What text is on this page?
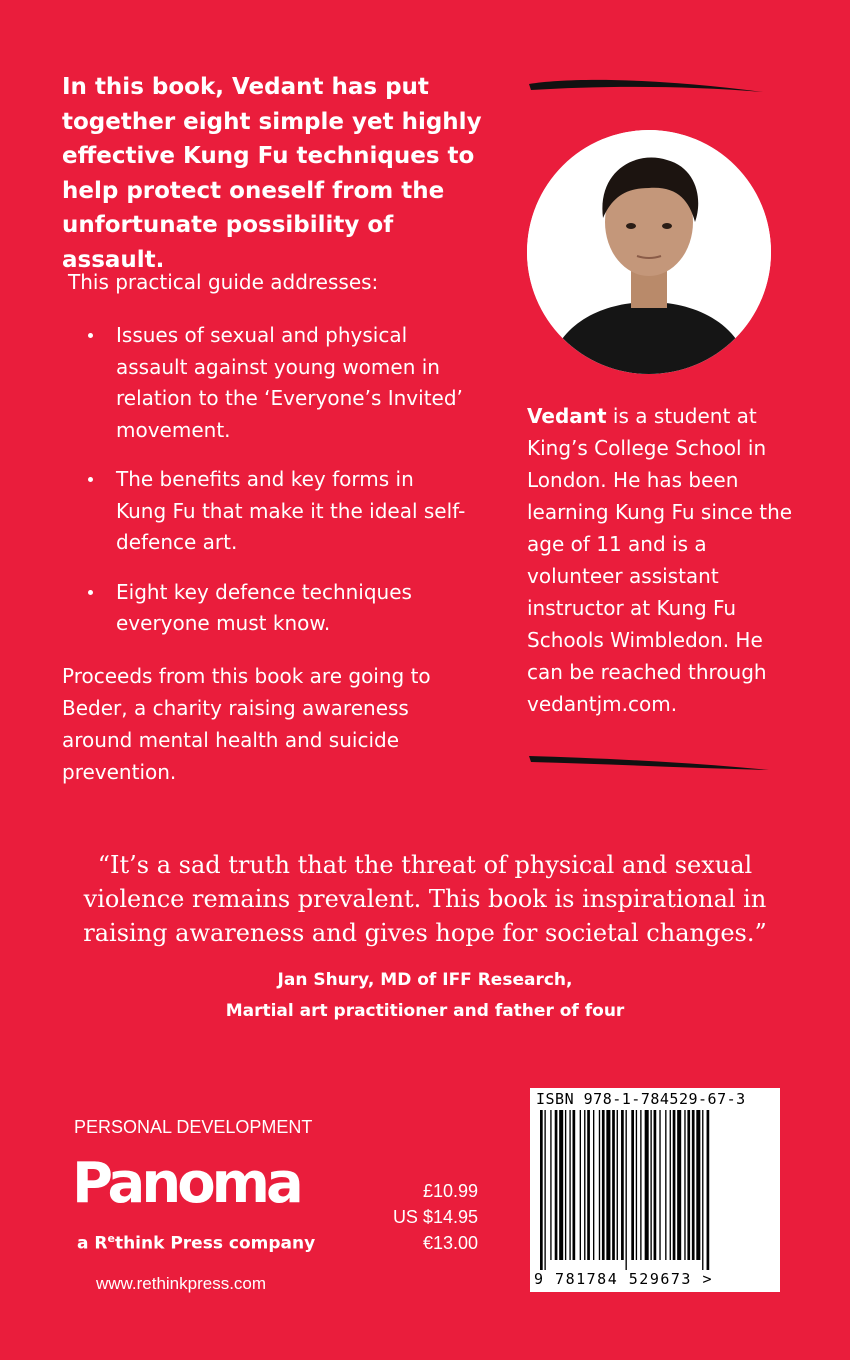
In this book, Vedant has put together eight simple yet highly effective Kung Fu techniques to help protect oneself from the unfortunate possibility of assault.

This practical guide addresses:

Issues of sexual and physical assault against young women in relation to the ‘Everyone’s Invited’ movement.
The benefits and key forms in Kung Fu that make it the ideal self-defence art.
Eight key defence techniques everyone must know.

Proceeds from this book are going to Beder, a charity raising awareness around mental health and suicide prevention.

Vedant is a student at King’s College School in London. He has been learning Kung Fu since the age of 11 and is a volunteer assistant instructor at Kung Fu Schools Wimbledon. He can be reached through vedantjm.com.

“It’s a sad truth that the threat of physical and sexual violence remains prevalent. This book is inspirational in raising awareness and gives hope for societal changes.”

Jan Shury, MD of IFF Research,
Martial art practitioner and father of four

PERSONAL DEVELOPMENT

Panoma

a $R^ethink$ Press company

www.rethinkpress.com

£10.99
US $14.95
€13.00

ISBN 978-1-784529-67-3

9 781784 529673 >
